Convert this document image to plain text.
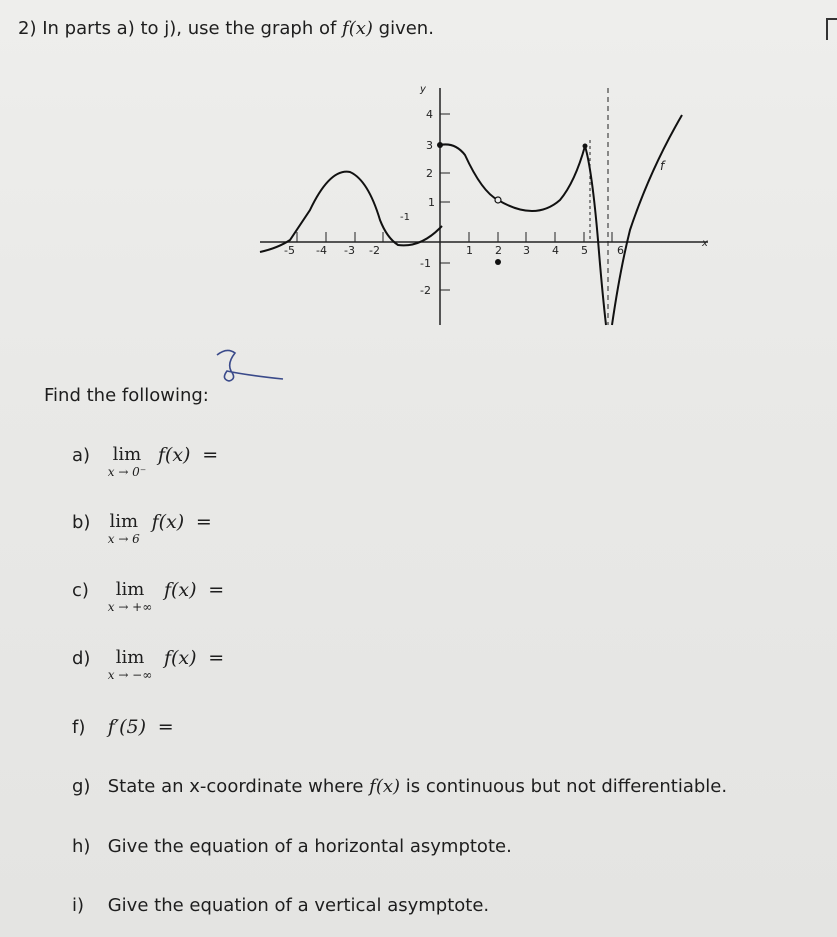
2) In parts a) to j), use the graph of f(x) given.
y
x
-5 -4 -3 -2	1 2 3 4 5	6
4
3
2
1
-1
-2
-1
f
Find the following:
a) lim
x → 0⁻
f(x) =
b) lim
x → 6
f(x) =
c)	lim
x → +∞
f(x) =
d)	lim
x → −∞
f(x) =
f) f′(5) =
g) State an x-coordinate where f(x) is continuous but not differentiable.
h) Give the equation of a horizontal asymptote.
i) Give the equation of a vertical asymptote.
